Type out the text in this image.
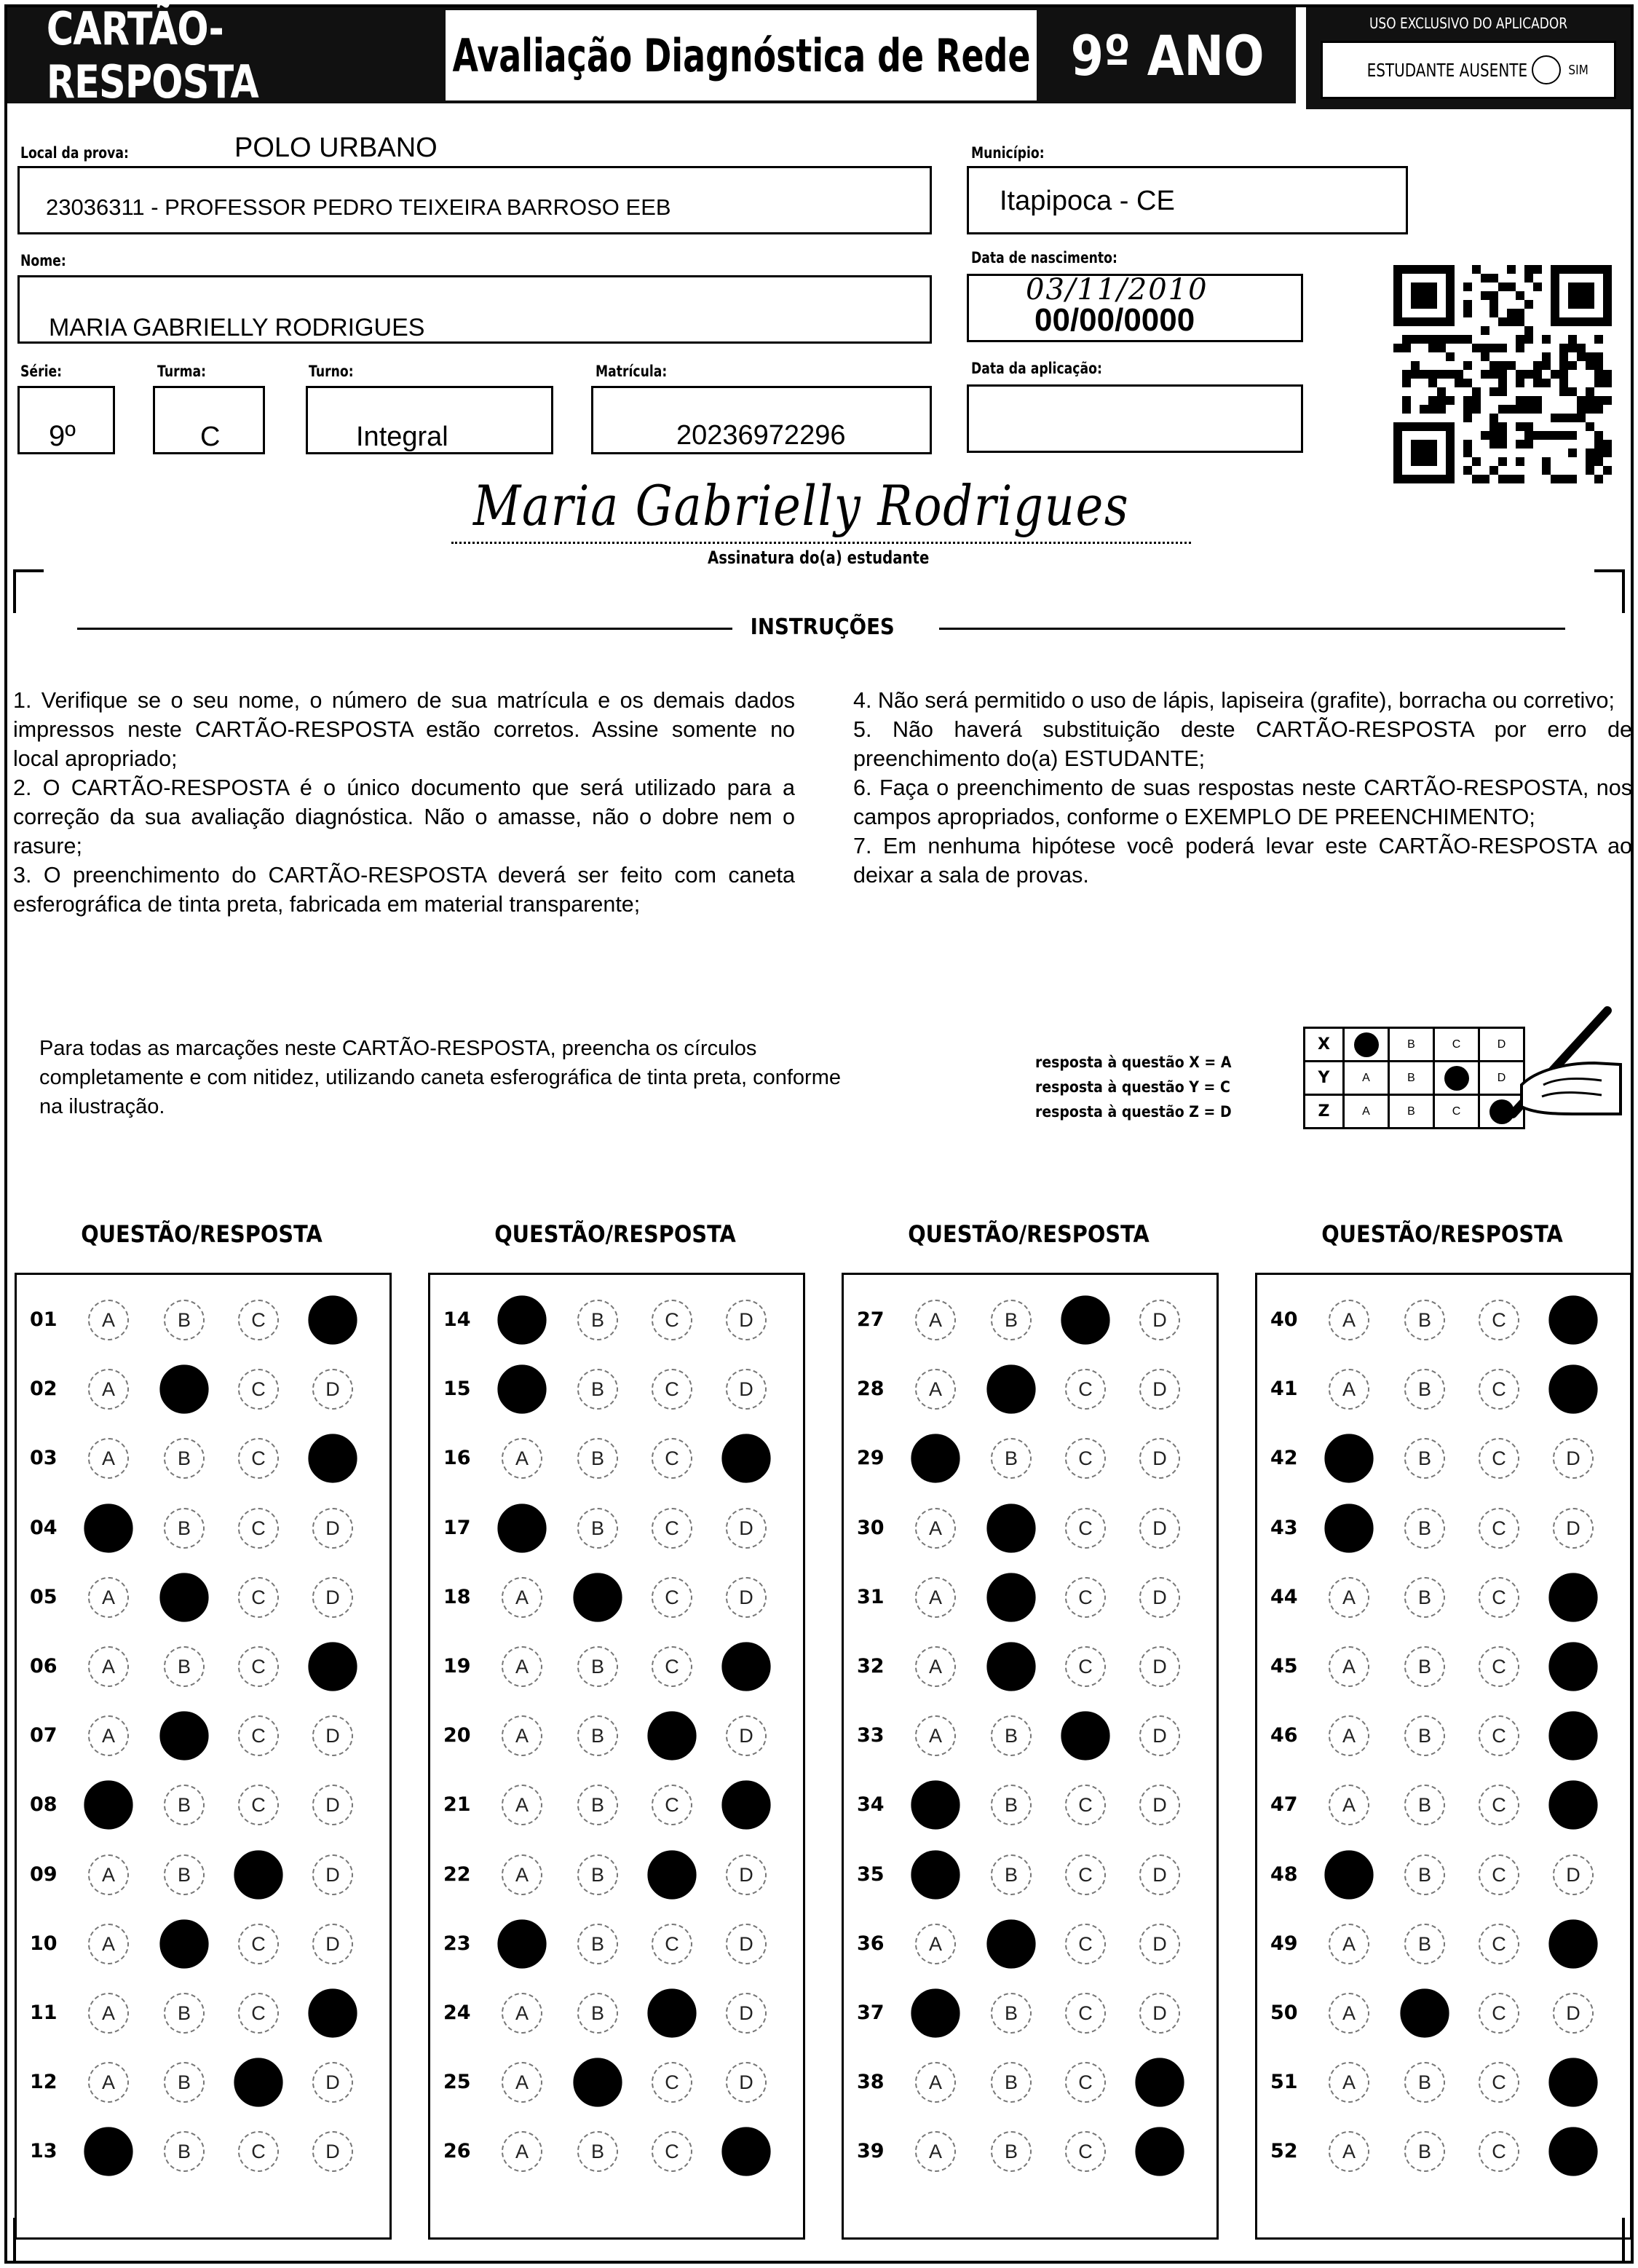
CARTÃO-RESPOSTA	Avaliação Diagnóstica de Rede 9º ANO	USO EXCLUSIVO DO APLICADOR
ESTUDANTE AUSENTE	SIM
Local da prova:	POLO URBANO
23036311 - PROFESSOR PEDRO TEIXEIRA BARROSO EEB
Município:
Itapipoca - CE
Nome:
MARIA GABRIELLY RODRIGUES
Data de nascimento:
03/11/2010
00/00/0000
Série:
9º
Turma:
C
Turno:
Integral
Matrícula:
20236972296
Data da aplicação:
Maria Gabrielly Rodrigues
Assinatura do(a) estudante
INSTRUÇÕES

1. Verifique se o seu nome, o número de sua matrícula e os demais dados impressos neste CARTÃO-RESPOSTA estão corretos. Assine somente no local apropriado;

2. O CARTÃO-RESPOSTA é o único documento que será utilizado para a correção da sua avaliação diagnóstica. Não o amasse, não o dobre nem o rasure;

3. O preenchimento do CARTÃO-RESPOSTA deverá ser feito com caneta esferográfica de tinta preta, fabricada em material transparente;

4. Não será permitido o uso de lápis, lapiseira (grafite), borracha ou corretivo;

5. Não haverá substituição deste CARTÃO-RESPOSTA por erro de preenchimento do(a) ESTUDANTE;

6. Faça o preenchimento de suas respostas neste CARTÃO-RESPOSTA, nos campos apropriados, conforme o EXEMPLO DE PREENCHIMENTO;

7. Em nenhuma hipótese você poderá levar este CARTÃO-RESPOSTA ao deixar a sala de provas.

Para todas as marcações neste CARTÃO-RESPOSTA, preencha os círculos completamente e com nitidez, utilizando caneta esferográfica de tinta preta, conforme na ilustração.
resposta à questão X = A
resposta à questão Y = C
resposta à questão Z = D
X	A	B	C	D
Y	A	B	C	D
Z	A	B	C	D
QUESTÃO/RESPOSTA	QUESTÃO/RESPOSTA	QUESTÃO/RESPOSTA	QUESTÃO/RESPOSTA
01	A	B	C	D
02	A	B	C	D
03	A	B	C	D
04	A	B	C	D
05	A	B	C	D
06	A	B	C	D
07	A	B	C	D
08	A	B	C	D
09	A	B	C	D
10	A	B	C	D
11	A	B	C	D
12	A	B	C	D
13	A	B	C	D
14	A	B	C	D
15	A	B	C	D
16	A	B	C	D
17	A	B	C	D
18	A	B	C	D
19	A	B	C	D
20	A	B	C	D
21	A	B	C	D
22	A	B	C	D
23	A	B	C	D
24	A	B	C	D
25	A	B	C	D
26	A	B	C	D
27	A	B	C	D
28	A	B	C	D
29	A	B	C	D
30	A	B	C	D
31	A	B	C	D
32	A	B	C	D
33	A	B	C	D
34	A	B	C	D
35	A	B	C	D
36	A	B	C	D
37	A	B	C	D
38	A	B	C	D
39	A	B	C	D
40	A	B	C	D
41	A	B	C	D
42	A	B	C	D
43	A	B	C	D
44	A	B	C	D
45	A	B	C	D
46	A	B	C	D
47	A	B	C	D
48	A	B	C	D
49	A	B	C	D
50	A	B	C	D
51	A	B	C	D
52	A	B	C	D
